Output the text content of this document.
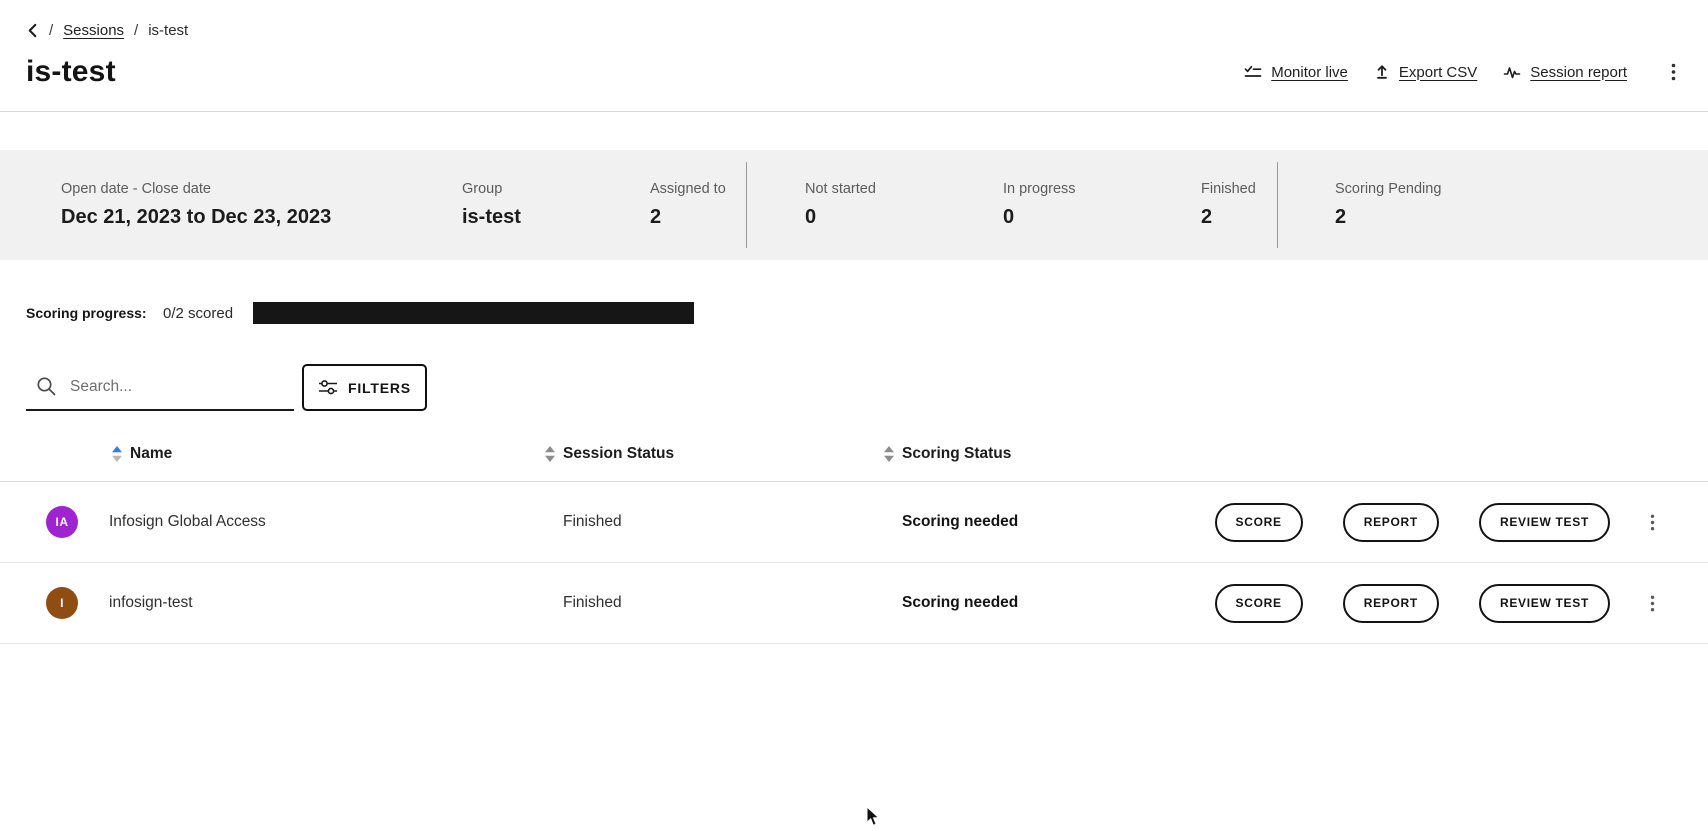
/ Sessions / is-test
is-test	Monitor live	Export CSV	Session report
Open date - Close date
Dec 21, 2023 to Dec 23, 2023
Group
is-test
Assigned to
2
Not started
0
In progress
0
Finished
2
Scoring Pending
2
Scoring progress:	0/2 scored
Search...
FILTERS
Name	Session Status	Scoring Status
IA	Infosign Global Access	Finished	Scoring needed	SCORE	REPORT	REVIEW TEST
I	infosign-test	Finished	Scoring needed	SCORE	REPORT	REVIEW TEST
